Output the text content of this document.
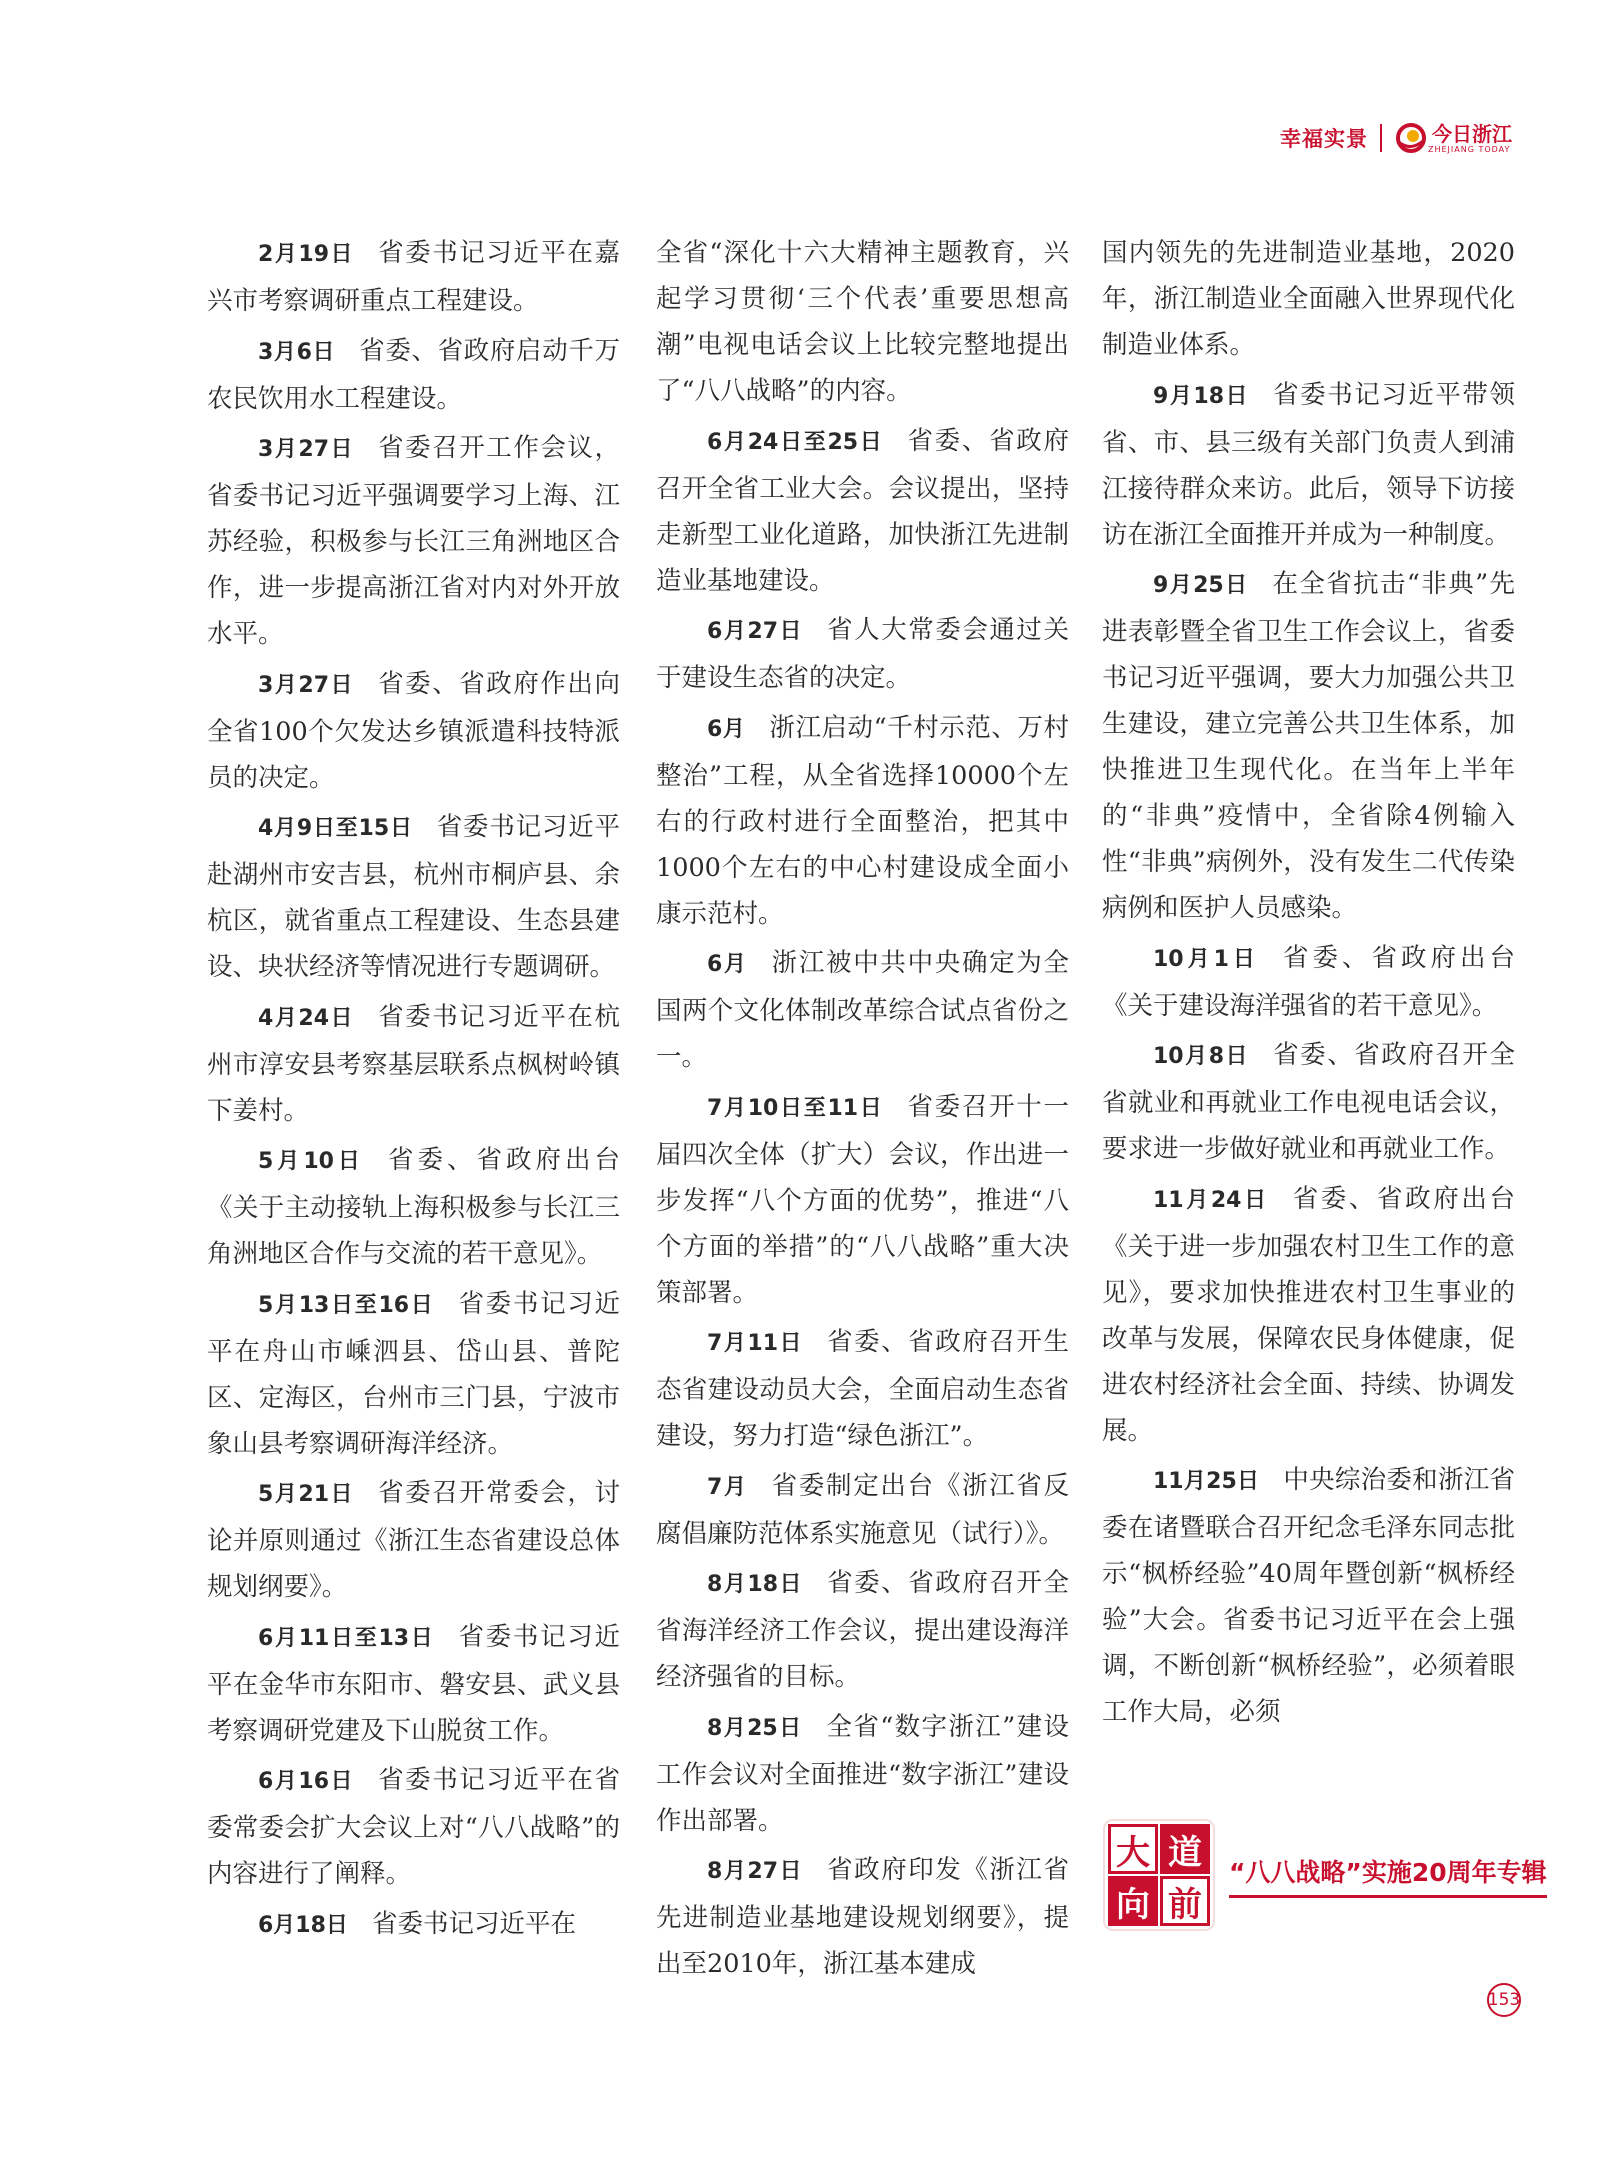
幸福实景	今日浙江
ZHEJIANG TODAY

2月19日 省委书记习近平在嘉兴市考察调研重点工程建设。

3月6日 省委、省政府启动千万农民饮用水工程建设。

3月27日 省委召开工作会议，省委书记习近平强调要学习上海、江苏经验，积极参与长江三角洲地区合作，进一步提高浙江省对内对外开放水平。

3月27日 省委、省政府作出向全省100个欠发达乡镇派遣科技特派员的决定。

4月9日至15日 省委书记习近平赴湖州市安吉县，杭州市桐庐县、余杭区，就省重点工程建设、生态县建设、块状经济等情况进行专题调研。

4月24日 省委书记习近平在杭州市淳安县考察基层联系点枫树岭镇下姜村。

5月10日 省委、省政府出台《关于主动接轨上海积极参与长江三角洲地区合作与交流的若干意见》。

5月13日至16日 省委书记习近平在舟山市嵊泗县、岱山县、普陀区、定海区，台州市三门县，宁波市象山县考察调研海洋经济。

5月21日 省委召开常委会，讨论并原则通过《浙江生态省建设总体规划纲要》。

6月11日至13日 省委书记习近平在金华市东阳市、磐安县、武义县考察调研党建及下山脱贫工作。

6月16日 省委书记习近平在省委常委会扩大会议上对“八八战略”的内容进行了阐释。

6月18日 省委书记习近平在

全省“深化十六大精神主题教育，兴起学习贯彻‘三个代表’重要思想高潮”电视电话会议上比较完整地提出了“八八战略”的内容。

6月24日至25日 省委、省政府召开全省工业大会。会议提出，坚持走新型工业化道路，加快浙江先进制造业基地建设。

6月27日 省人大常委会通过关于建设生态省的决定。

6月 浙江启动“千村示范、万村整治”工程，从全省选择10000个左右的行政村进行全面整治，把其中1000个左右的中心村建设成全面小康示范村。

6月 浙江被中共中央确定为全国两个文化体制改革综合试点省份之一。

7月10日至11日 省委召开十一届四次全体（扩大）会议，作出进一步发挥“八个方面的优势”，推进“八个方面的举措”的“八八战略”重大决策部署。

7月11日 省委、省政府召开生态省建设动员大会，全面启动生态省建设，努力打造“绿色浙江”。

7月 省委制定出台《浙江省反腐倡廉防范体系实施意见（试行）》。

8月18日 省委、省政府召开全省海洋经济工作会议，提出建设海洋经济强省的目标。

8月25日 全省“数字浙江”建设工作会议对全面推进“数字浙江”建设作出部署。

8月27日 省政府印发《浙江省先进制造业基地建设规划纲要》，提出至2010年，浙江基本建成

国内领先的先进制造业基地，2020年，浙江制造业全面融入世界现代化制造业体系。

9月18日 省委书记习近平带领省、市、县三级有关部门负责人到浦江接待群众来访。此后，领导下访接访在浙江全面推开并成为一种制度。

9月25日 在全省抗击“非典”先进表彰暨全省卫生工作会议上，省委书记习近平强调，要大力加强公共卫生建设，建立完善公共卫生体系，加快推进卫生现代化。在当年上半年的“非典”疫情中，全省除4例输入性“非典”病例外，没有发生二代传染病例和医护人员感染。

10月1日 省委、省政府出台《关于建设海洋强省的若干意见》。

10月8日 省委、省政府召开全省就业和再就业工作电视电话会议，要求进一步做好就业和再就业工作。

11月24日 省委、省政府出台《关于进一步加强农村卫生工作的意见》，要求加快推进农村卫生事业的改革与发展，保障农民身体健康，促进农村经济社会全面、持续、协调发展。

11月25日 中央综治委和浙江省委在诸暨联合召开纪念毛泽东同志批示“枫桥经验”40周年暨创新“枫桥经验”大会。省委书记习近平在会上强调，不断创新“枫桥经验”，必须着眼工作大局，必须

大 道
向 前
“八八战略”实施20周年专辑
153
